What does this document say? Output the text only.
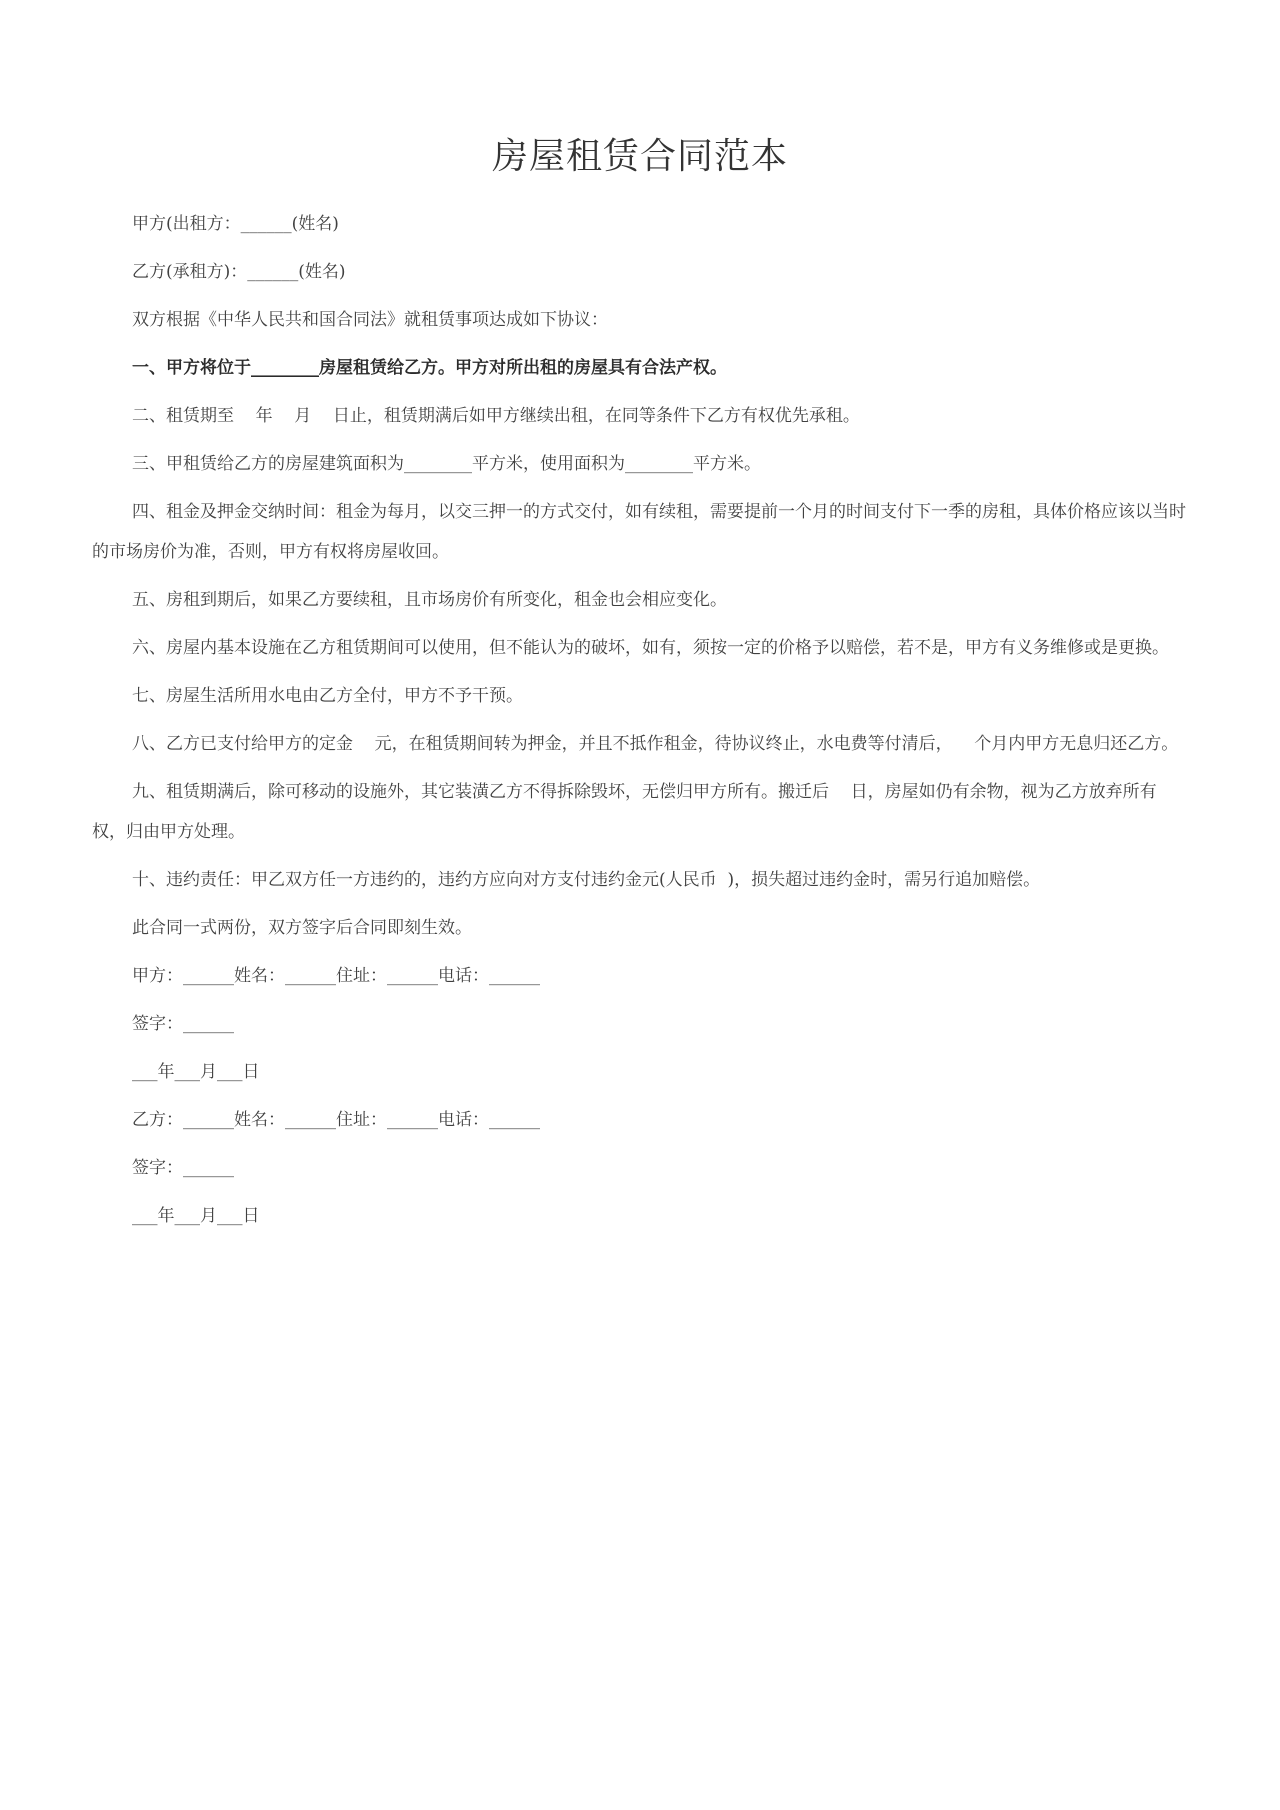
房屋租赁合同范本

甲方(出租方：______(姓名)

乙方(承租方)：______(姓名)

双方根据《中华人民共和国合同法》就租赁事项达成如下协议：

一、甲方将位于________房屋租赁给乙方。甲方对所出租的房屋具有合法产权。

二、租赁期至    年    月    日止，租赁期满后如甲方继续出租，在同等条件下乙方有权优先承租。

三、甲租赁给乙方的房屋建筑面积为________平方米，使用面积为________平方米。

四、租金及押金交纳时间：租金为每月，以交三押一的方式交付，如有续租，需要提前一个月的时间支付下一季的房租，具体价格应该以当时的市场房价为准，否则，甲方有权将房屋收回。

五、房租到期后，如果乙方要续租，且市场房价有所变化，租金也会相应变化。

六、房屋内基本设施在乙方租赁期间可以使用，但不能认为的破坏，如有，须按一定的价格予以赔偿，若不是，甲方有义务维修或是更换。

七、房屋生活所用水电由乙方全付，甲方不予干预。

八、乙方已支付给甲方的定金    元，在租赁期间转为押金，并且不抵作租金，待协议终止，水电费等付清后，    个月内甲方无息归还乙方。

九、租赁期满后，除可移动的设施外，其它装潢乙方不得拆除毁坏，无偿归甲方所有。搬迁后    日，房屋如仍有余物，视为乙方放弃所有权，归由甲方处理。

十、违约责任：甲乙双方任一方违约的，违约方应向对方支付违约金元(人民币  )，损失超过违约金时，需另行追加赔偿。

此合同一式两份，双方签字后合同即刻生效。

甲方：______姓名：______住址：______电话：______

签字：______

___年___月___日

乙方：______姓名：______住址：______电话：______

签字：______

___年___月___日
